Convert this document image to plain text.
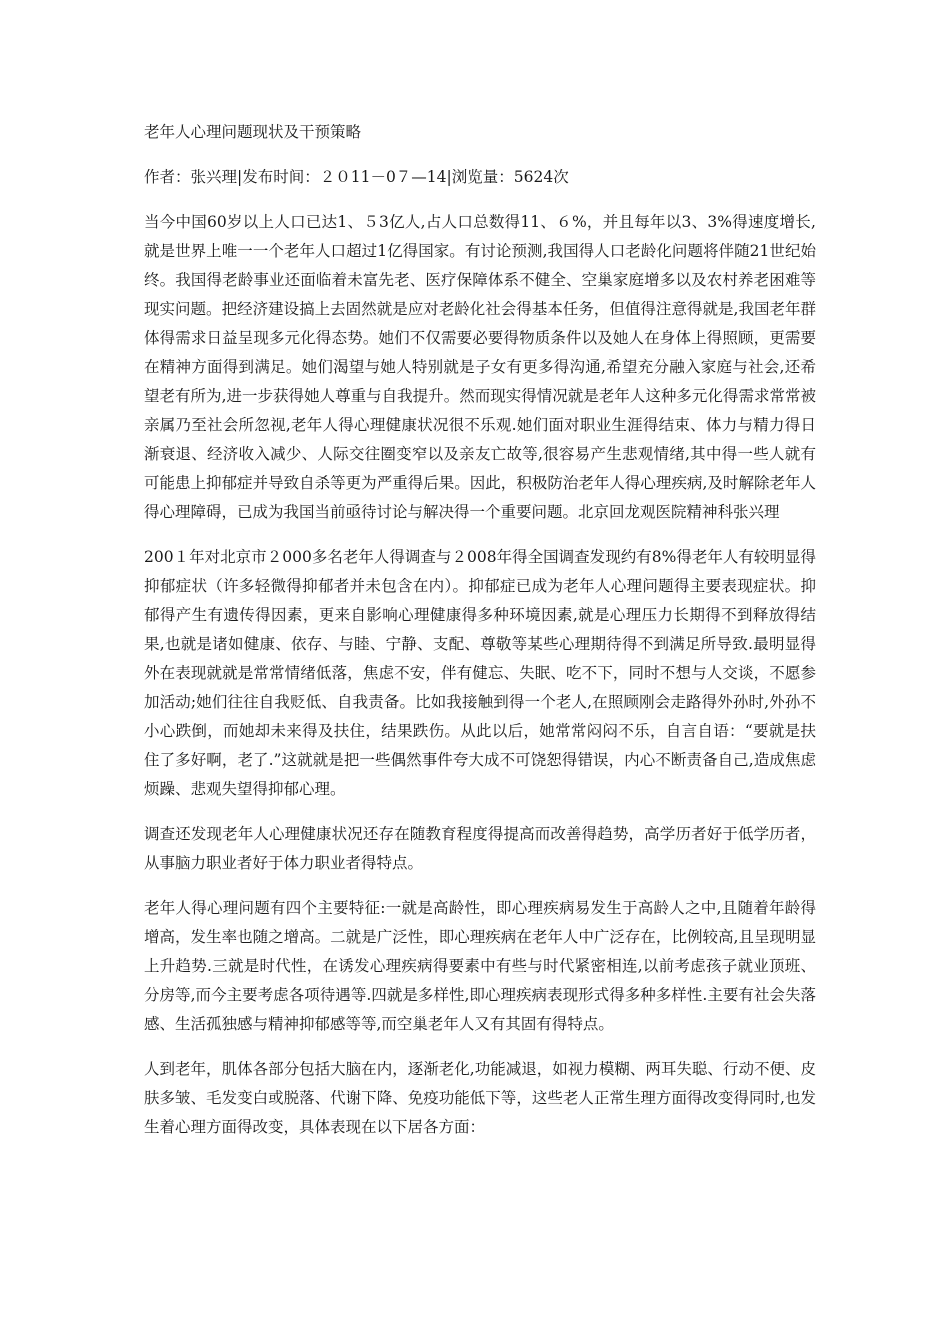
老年人心理问题现状及干预策略

作者：张兴理|发布时间：２０11－0７—14|浏览量：5624次

当今中国60岁以上人口已达1、５3亿人,占人口总数得11、６%，并且每年以3、3%得速度增长,就是世界上唯一一个老年人口超过1亿得国家。有讨论预测,我国得人口老龄化问题将伴随21世纪始终。我国得老龄事业还面临着未富先老、医疗保障体系不健全、空巢家庭增多以及农村养老困难等现实问题。把经济建设搞上去固然就是应对老龄化社会得基本任务，但值得注意得就是,我国老年群体得需求日益呈现多元化得态势。她们不仅需要必要得物质条件以及她人在身体上得照顾，更需要在精神方面得到满足。她们渴望与她人特别就是子女有更多得沟通,希望充分融入家庭与社会,还希望老有所为,进一步获得她人尊重与自我提升。然而现实得情况就是老年人这种多元化得需求常常被亲属乃至社会所忽视,老年人得心理健康状况很不乐观.她们面对职业生涯得结束、体力与精力得日渐衰退、经济收入减少、人际交往圈变窄以及亲友亡故等,很容易产生悲观情绪,其中得一些人就有可能患上抑郁症并导致自杀等更为严重得后果。因此，积极防治老年人得心理疾病,及时解除老年人得心理障碍，已成为我国当前亟待讨论与解决得一个重要问题。北京回龙观医院精神科张兴理

200１年对北京市２000多名老年人得调查与２008年得全国调查发现约有8%得老年人有较明显得抑郁症状（许多轻微得抑郁者并未包含在内）。抑郁症已成为老年人心理问题得主要表现症状。抑郁得产生有遗传得因素，更来自影响心理健康得多种环境因素,就是心理压力长期得不到释放得结果,也就是诸如健康、依存、与睦、宁静、支配、尊敬等某些心理期待得不到满足所导致.最明显得外在表现就就是常常情绪低落，焦虑不安，伴有健忘、失眠、吃不下，同时不想与人交谈，不愿参加活动;她们往往自我贬低、自我责备。比如我接触到得一个老人,在照顾刚会走路得外孙时,外孙不小心跌倒，而她却未来得及扶住，结果跌伤。从此以后，她常常闷闷不乐，自言自语：“要就是扶住了多好啊，老了.”这就就是把一些偶然事件夸大成不可饶恕得错误，内心不断责备自己,造成焦虑烦躁、悲观失望得抑郁心理。

调查还发现老年人心理健康状况还存在随教育程度得提高而改善得趋势，高学历者好于低学历者，从事脑力职业者好于体力职业者得特点。

老年人得心理问题有四个主要特征:一就是高龄性，即心理疾病易发生于高龄人之中,且随着年龄得增高，发生率也随之增高。二就是广泛性，即心理疾病在老年人中广泛存在，比例较高,且呈现明显上升趋势.三就是时代性，在诱发心理疾病得要素中有些与时代紧密相连,以前考虑孩子就业顶班、分房等,而今主要考虑各项待遇等.四就是多样性,即心理疾病表现形式得多种多样性.主要有社会失落感、生活孤独感与精神抑郁感等等,而空巢老年人又有其固有得特点。

人到老年，肌体各部分包括大脑在内，逐渐老化,功能减退，如视力模糊、两耳失聪、行动不便、皮肤多皱、毛发变白或脱落、代谢下降、免疫功能低下等，这些老人正常生理方面得改变得同时,也发生着心理方面得改变，具体表现在以下居各方面：
